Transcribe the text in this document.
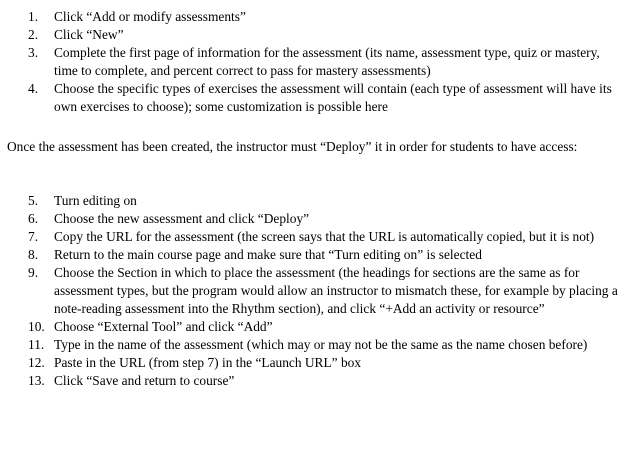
1.	Click “Add or modify assessments”
2.	Click “New”
3.	Complete the first page of information for the assessment (its name, assessment type, quiz or mastery, time to complete, and percent correct to pass for mastery assessments)
4.	Choose the specific types of exercises the assessment will contain (each type of assessment will have its own exercises to choose); some customization is possible here

Once the assessment has been created, the instructor must “Deploy” it in order for students to have access:

5.	Turn editing on
6.	Choose the new assessment and click “Deploy”
7.	Copy the URL for the assessment (the screen says that the URL is automatically copied, but it is not)
8.	Return to the main course page and make sure that “Turn editing on” is selected
9.	Choose the Section in which to place the assessment (the headings for sections are the same as for assessment types, but the program would allow an instructor to mismatch these, for example by placing a note-reading assessment into the Rhythm section), and click “+Add an activity or resource”
10. Choose “External Tool” and click “Add”
11. Type in the name of the assessment (which may or may not be the same as the name chosen before)
12. Paste in the URL (from step 7) in the “Launch URL” box
13. Click “Save and return to course”
